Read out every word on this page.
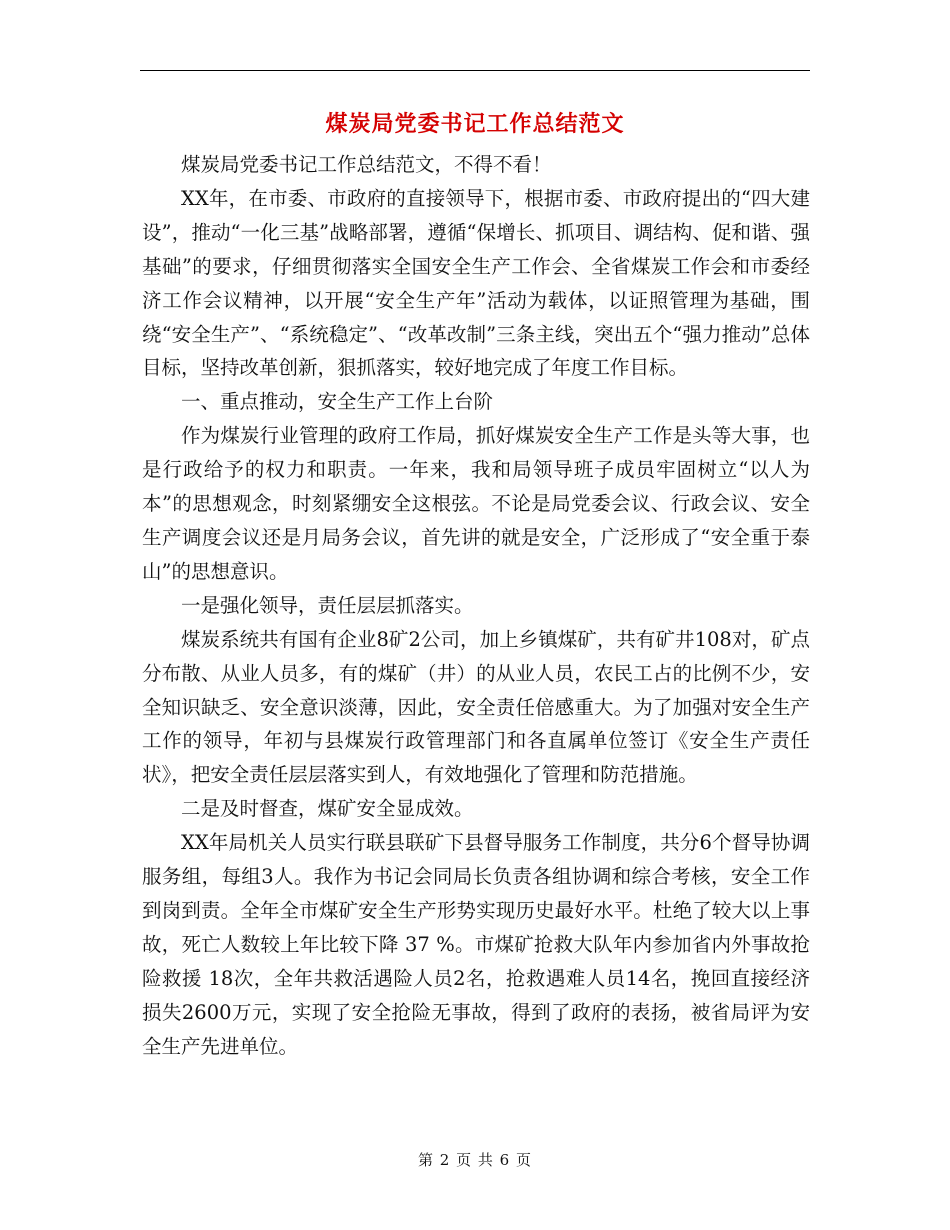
煤炭局党委书记工作总结范文

煤炭局党委书记工作总结范文，不得不看！

XX年，在市委、市政府的直接领导下，根据市委、市政府提出的“四大建设”，推动“一化三基”战略部署，遵循“保增长、抓项目、调结构、促和谐、强基础”的要求，仔细贯彻落实全国安全生产工作会、全省煤炭工作会和市委经济工作会议精神，以开展“安全生产年”活动为载体，以证照管理为基础，围绕“安全生产”、“系统稳定”、“改革改制”三条主线，突出五个“强力推动”总体目标，坚持改革创新，狠抓落实，较好地完成了年度工作目标。

一、重点推动，安全生产工作上台阶

作为煤炭行业管理的政府工作局，抓好煤炭安全生产工作是头等大事，也是行政给予的权力和职责。一年来，我和局领导班子成员牢固树立“以人为本”的思想观念，时刻紧绷安全这根弦。不论是局党委会议、行政会议、安全生产调度会议还是月局务会议，首先讲的就是安全，广泛形成了“安全重于泰山”的思想意识。

一是强化领导，责任层层抓落实。

煤炭系统共有国有企业8矿2公司，加上乡镇煤矿，共有矿井108对，矿点分布散、从业人员多，有的煤矿（井）的从业人员，农民工占的比例不少，安全知识缺乏、安全意识淡薄，因此，安全责任倍感重大。为了加强对安全生产工作的领导，年初与县煤炭行政管理部门和各直属单位签订《安全生产责任状》，把安全责任层层落实到人，有效地强化了管理和防范措施。

二是及时督查，煤矿安全显成效。

XX年局机关人员实行联县联矿下县督导服务工作制度，共分6个督导协调服务组，每组3人。我作为书记会同局长负责各组协调和综合考核，安全工作到岗到责。全年全市煤矿安全生产形势实现历史最好水平。杜绝了较大以上事故，死亡人数较上年比较下降 37 %。市煤矿抢救大队年内参加省内外事故抢险救援 18次，全年共救活遇险人员2名，抢救遇难人员14名，挽回直接经济损失2600万元，实现了安全抢险无事故，得到了政府的表扬，被省局评为安全生产先进单位。

第 2 页 共 6 页
